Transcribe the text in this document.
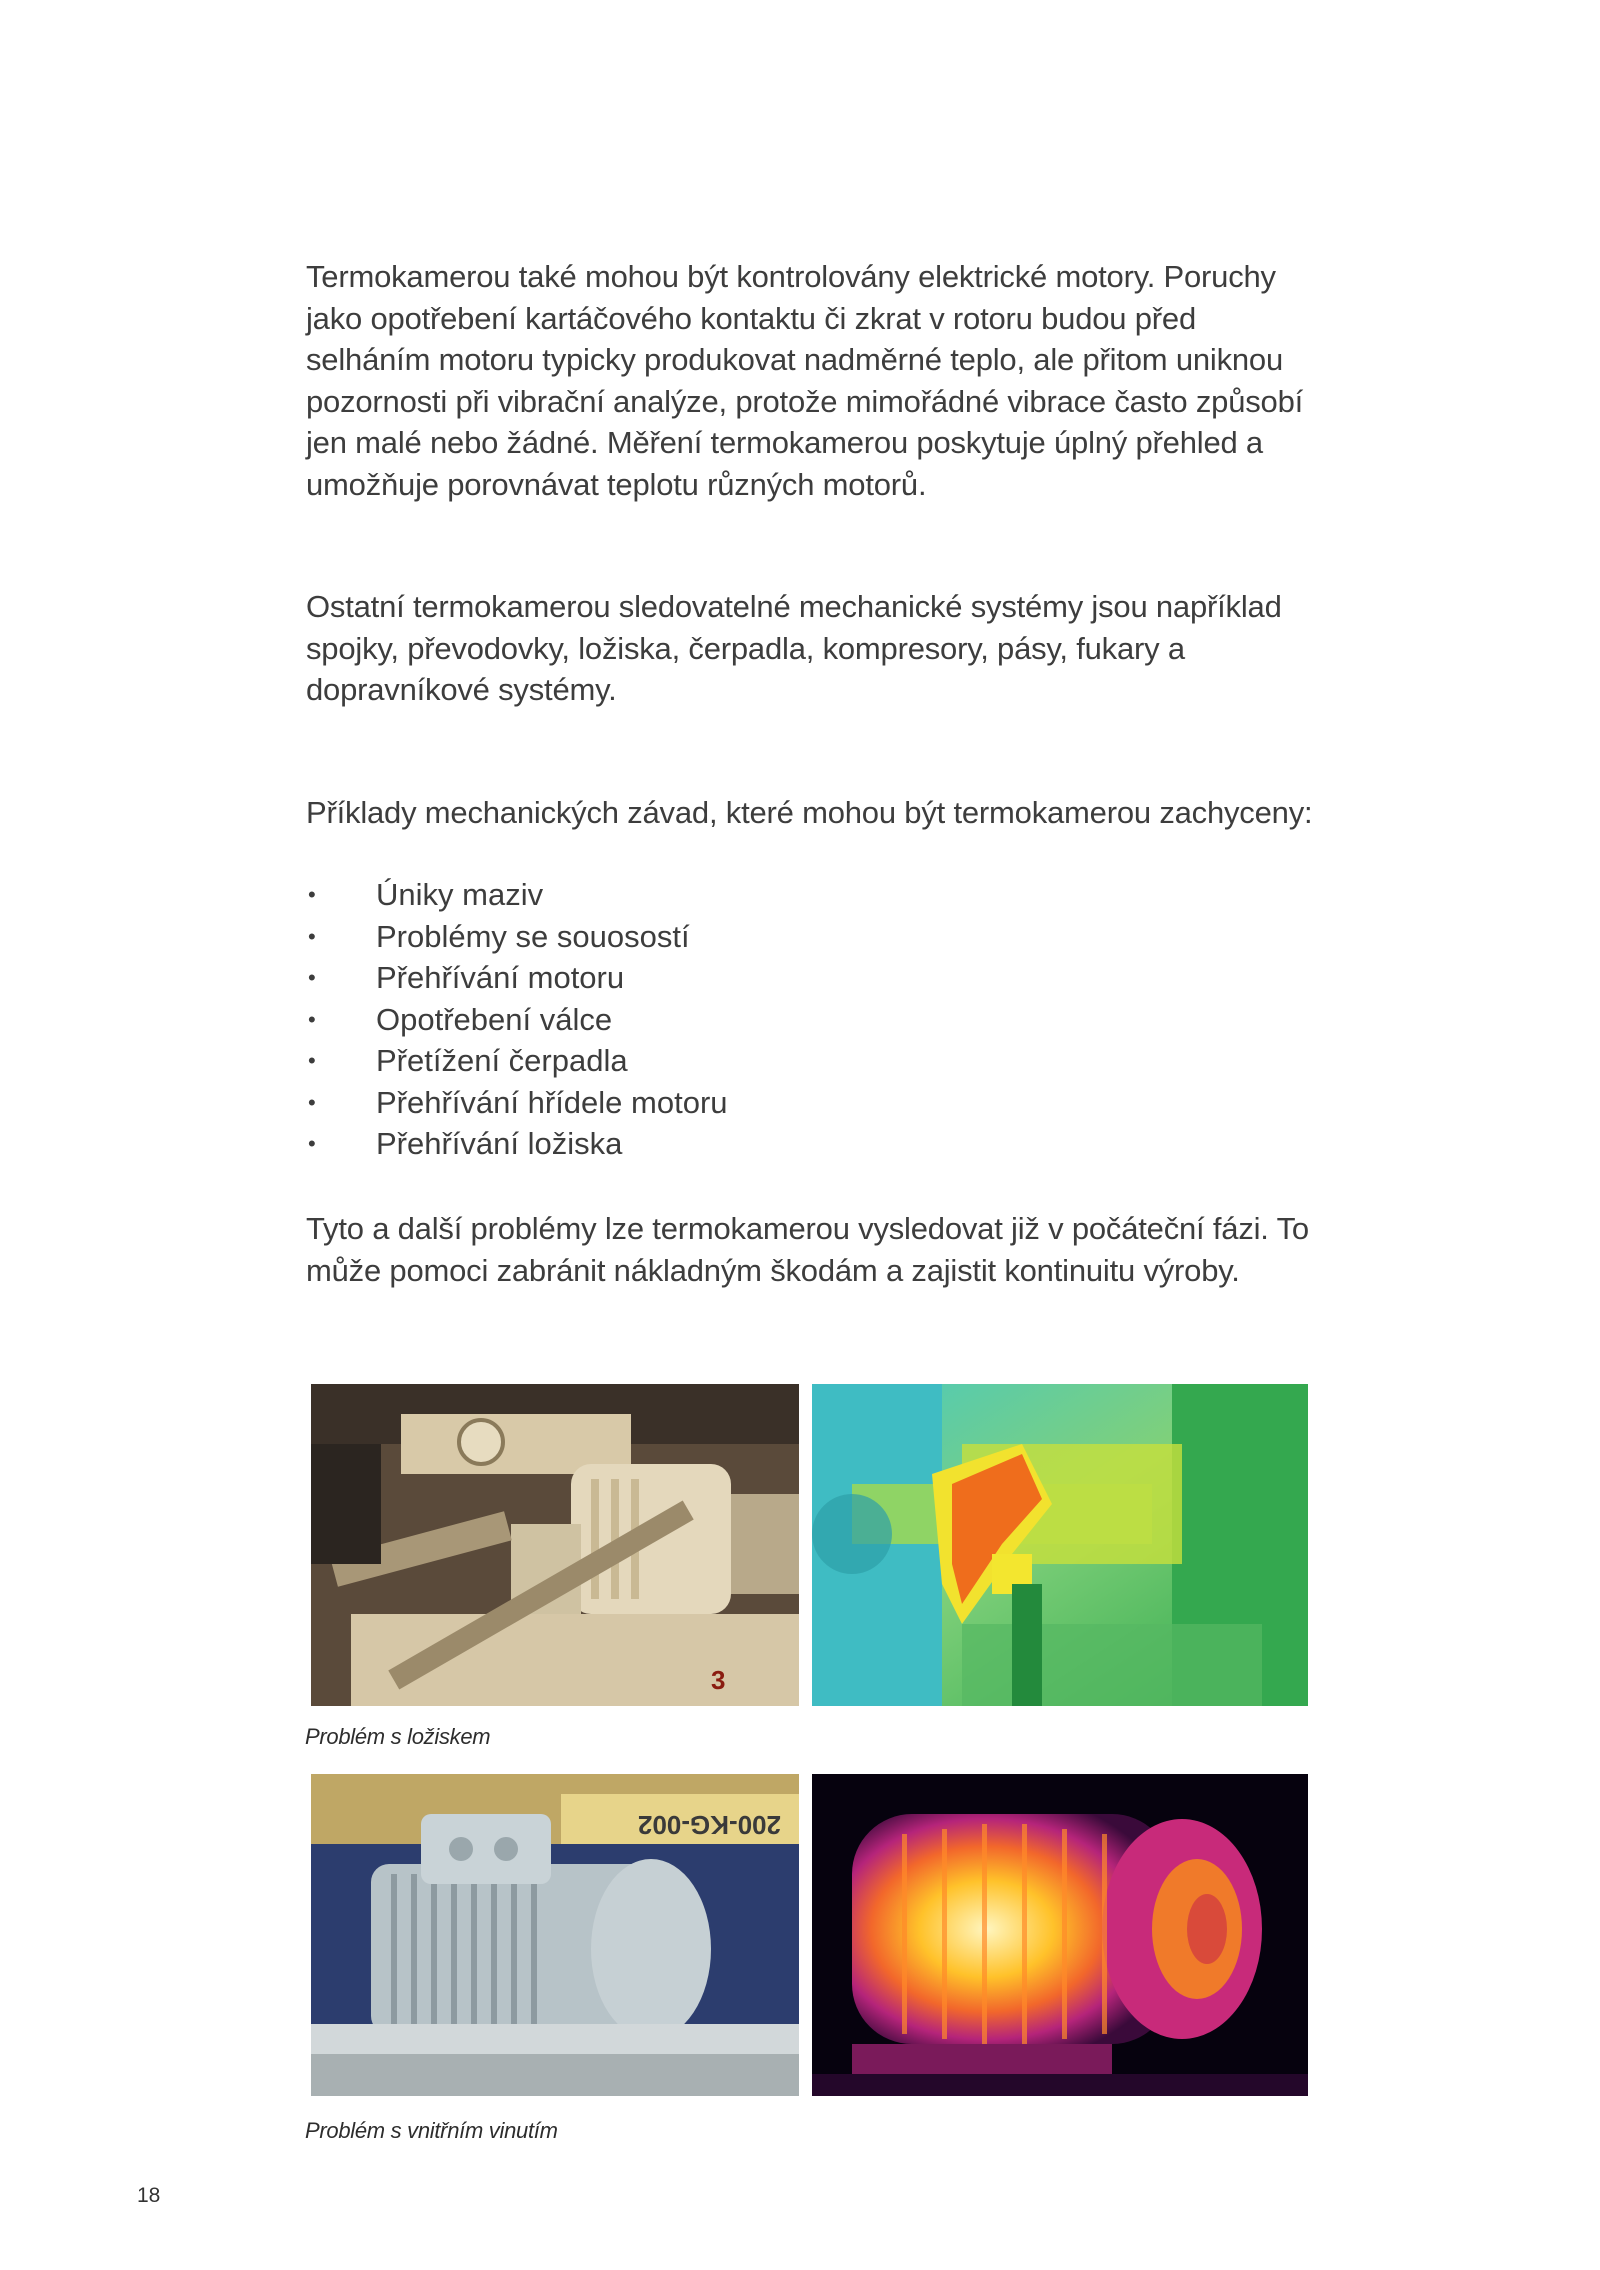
Termokamerou také mohou být kontrolovány elektrické motory. Poruchy jako opotřebení kartáčového kontaktu či zkrat v rotoru budou před selháním motoru typicky produkovat nadměrné teplo, ale přitom uniknou pozornosti při vibrační analýze, protože mimořádné vibrace často způsobí jen malé nebo žádné. Měření termokamerou poskytuje úplný přehled a umožňuje porovnávat teplotu různých motorů.

Ostatní termokamerou sledovatelné mechanické systémy jsou například spojky, převodovky, ložiska, čerpadla, kompresory, pásy, fukary a dopravníkové systémy.

Příklady mechanických závad, které mohou být termokamerou zachyceny:

• Úniky maziv
• Problémy se souosostí
• Přehřívání motoru
• Opotřebení válce
• Přetížení čerpadla
• Přehřívání hřídele motoru
• Přehřívání ložiska

Tyto a další problémy lze termokamerou vysledovat již v počáteční fázi. To může pomoci zabránit nákladným škodám a zajistit kontinuitu výroby.

3
Problém s ložiskem
200-KG-002
Problém s vnitřním vinutím
18
